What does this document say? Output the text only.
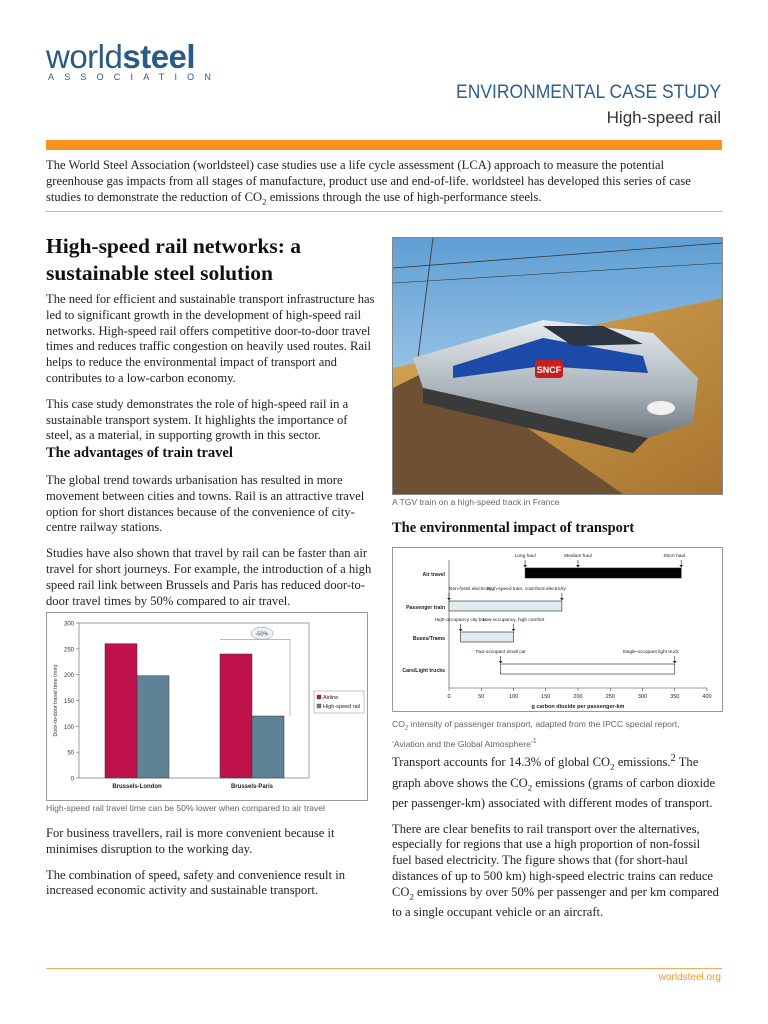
worldsteel
ASSOCIATION
ENVIRONMENTAL CASE STUDY
High-speed rail
The World Steel Association (worldsteel) case studies use a life cycle assessment (LCA) approach to measure the potential greenhouse gas impacts from all stages of manufacture, product use and end-of-life. worldsteel has developed this series of case studies to demonstrate the reduction of $CO_2$ emissions through the use of high-performance steels.
High-speed rail networks: a sustainable steel solution

The need for efficient and sustainable transport infrastructure has led to significant growth in the development of high-speed rail networks. High-speed rail offers competitive door-to-door travel times and reduces traffic congestion on heavily used routes. Rail helps to reduce the environmental impact of transport and contributes to a low-carbon economy.

This case study demonstrates the role of high-speed rail in a sustainable transport system. It highlights the importance of steel, as a material, in supporting growth in this sector.

The advantages of train travel

The global trend towards urbanisation has resulted in more movement between cities and towns. Rail is an attractive travel option for short distances because of the convenience of city-centre railway stations.

Studies have also shown that travel by rail can be faster than air travel for short journeys. For example, the introduction of a high speed rail link between Brussels and Paris has reduced door-to-door travel times by 50% compared to air travel.

0
50
100
150
200
250
300
Door-to-door travel time (min)
Brussels-London	Brussels-Paris
-50%
Airline
High-speed rail
High-speed rail travel time can be 50% lower when compared to air travel

For business travellers, rail is more convenient because it minimises disruption to the working day.

The combination of speed, safety and convenience result in increased economic activity and sustainable transport.

SNCF
A TGV train on a high-speed track in France
The environmental impact of transport
0	50	100	150	200	250	300	350	400
g carbon dioxide per passenger-km
Air travel
Passenger train
Buses/Trams
Cars/Light trucks
Long haul	Medium haul	Short haul
Non-fossil electricity
High-speed train, coal-fired electricity
High-occupancy city bus
Low occupancy, high comfort
Two-occupant small car	Single-occupant light truck
$CO_2$ intensity of passenger transport, adapted from the IPCC special report, ‘Aviation and the Global Atmosphere’$^1$

Transport accounts for 14.3% of global $CO_2$ emissions.$^2$ The graph above shows the $CO_2$ emissions (grams of carbon dioxide per passenger-km) associated with different modes of transport.

There are clear benefits to rail transport over the alternatives, especially for regions that use a high proportion of non-fossil fuel based electricity. The figure shows that (for short-haul distances of up to 500 km) high-speed electric trains can reduce $CO_2$ emissions by over 50% per passenger and per km compared to a single occupant vehicle or an aircraft.

worldsteel.org
